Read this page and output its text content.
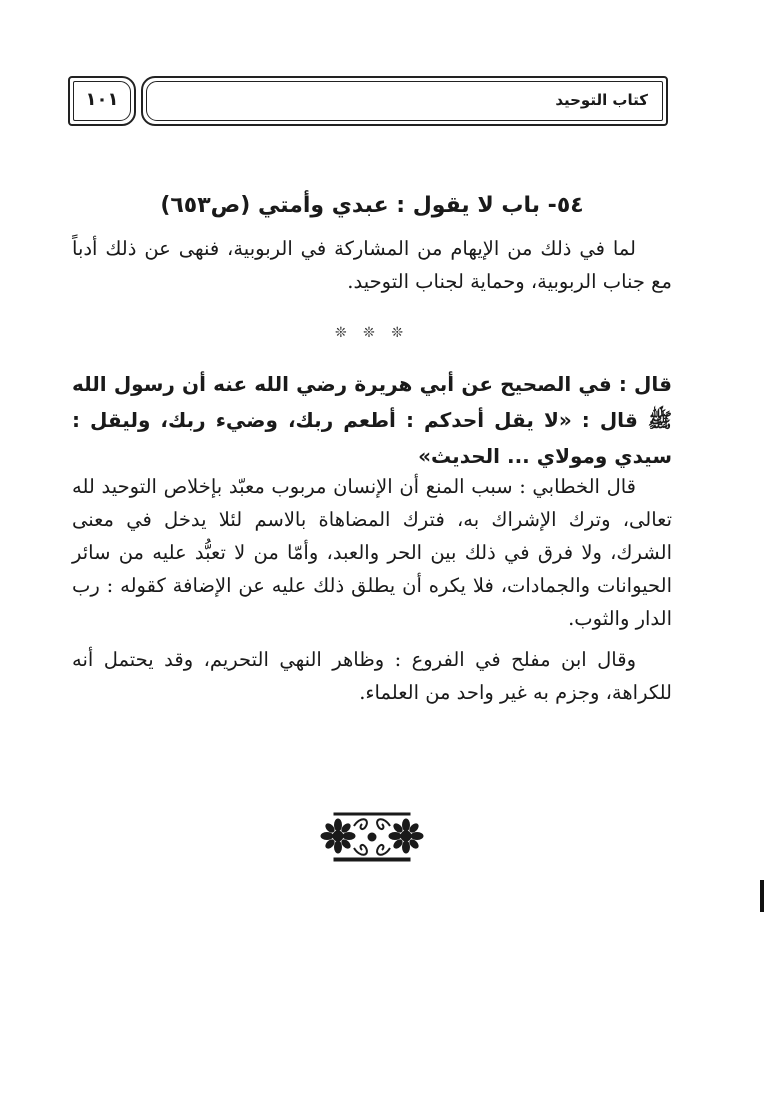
كتاب التوحيد
١٠١
٥٤- باب لا يقول : عبدي وأمتي (ص٦٥٣)

لما في ذلك من الإيهام من المشاركة في الربوبية، فنهى عن ذلك أدباً مع جناب الربوبية، وحماية لجناب التوحيد.

❊ ❊ ❊

قال : في الصحيح عن أبي هريرة رضي الله عنه أن رسول الله ﷺ قال : «لا يقل أحدكم : أطعم ربك، وضيء ربك، وليقل : سيدي ومولاي ... الحديث»

قال الخطابي : سبب المنع أن الإنسان مربوب معبّد بإخلاص التوحيد لله تعالى، وترك الإشراك به، فترك المضاهاة بالاسم لئلا يدخل في معنى الشرك، ولا فرق في ذلك بين الحر والعبد، وأمّا من لا تعبُّد عليه من سائر الحيوانات والجمادات، فلا يكره أن يطلق ذلك عليه عن الإضافة كقوله : رب الدار والثوب.

وقال ابن مفلح في الفروع : وظاهر النهي التحريم، وقد يحتمل أنه للكراهة، وجزم به غير واحد من العلماء.
